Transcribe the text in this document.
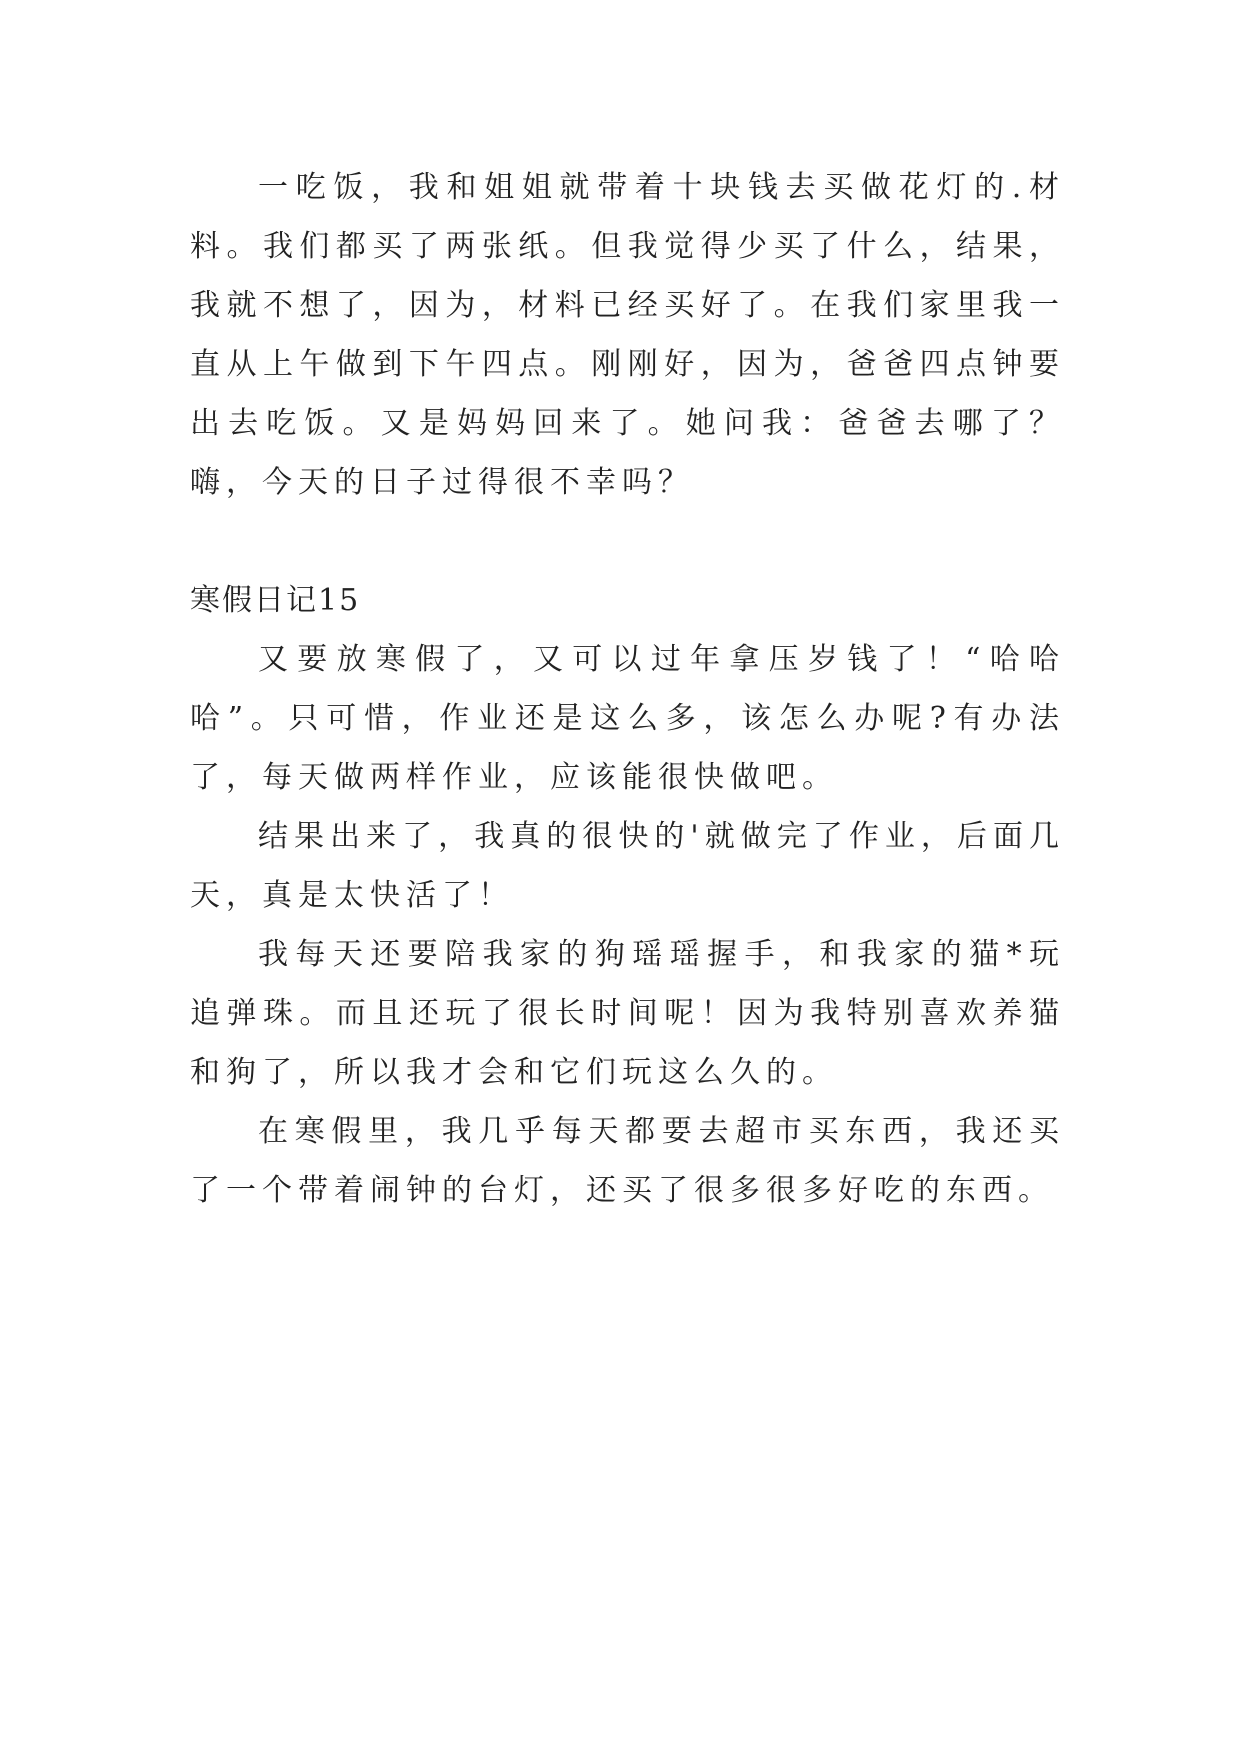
一吃饭，我和姐姐就带着十块钱去买做花灯的.材料。我们都买了两张纸。但我觉得少买了什么，结果，我就不想了，因为，材料已经买好了。在我们家里我一直从上午做到下午四点。刚刚好，因为，爸爸四点钟要出去吃饭。又是妈妈回来了。她问我：爸爸去哪了？嗨，今天的日子过得很不幸吗？

寒假日记15

又要放寒假了，又可以过年拿压岁钱了！“哈哈哈”。只可惜，作业还是这么多，该怎么办呢?有办法了，每天做两样作业，应该能很快做吧。

结果出来了，我真的很快的'就做完了作业，后面几天，真是太快活了！

我每天还要陪我家的狗瑶瑶握手，和我家的猫*玩追弹珠。而且还玩了很长时间呢！因为我特别喜欢养猫和狗了，所以我才会和它们玩这么久的。

在寒假里，我几乎每天都要去超市买东西，我还买了一个带着闹钟的台灯，还买了很多很多好吃的东西。
